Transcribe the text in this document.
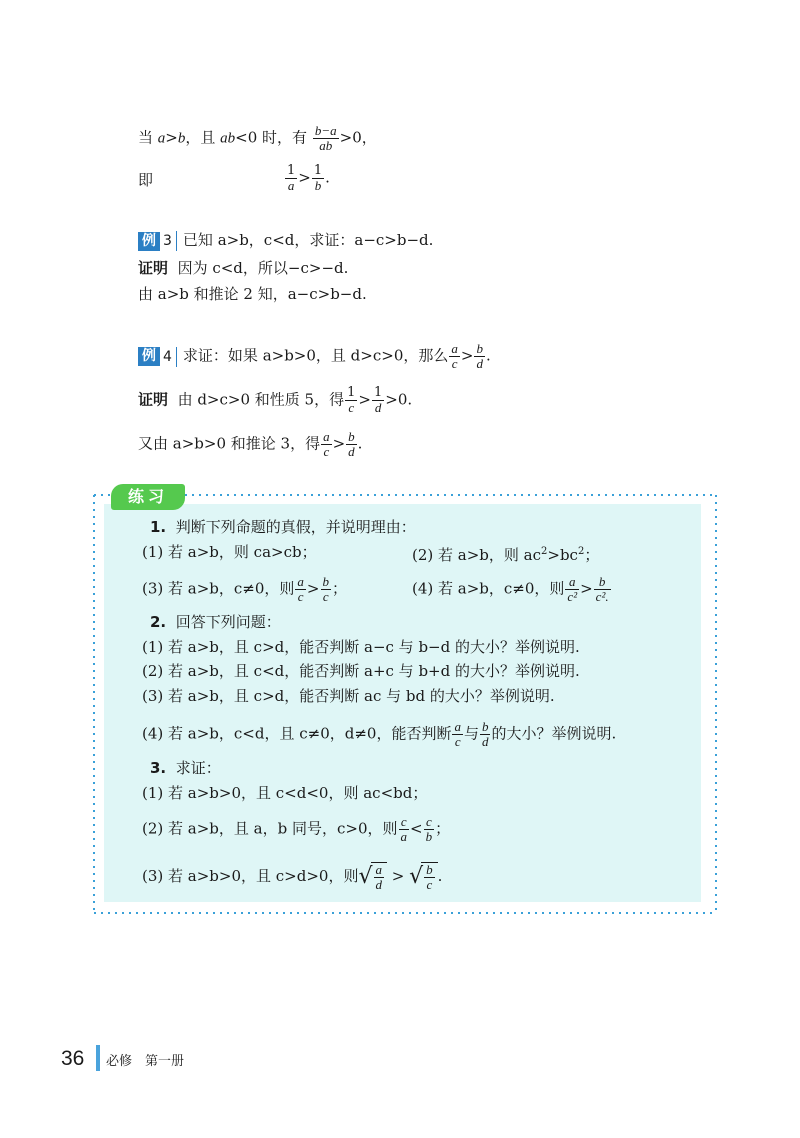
当 a>b，且 ab<0 时，有 $\frac{b-a}{ab} >0$，
即	$\frac{1}{a} > \frac{1}{b}$ .
例 3 已知 a>b，c<d，求证：a−c>b−d.
证明 因为 c<d，所以−c>−d.
由 a>b 和推论 2 知，a−c>b−d.
例 4 求证：如果 a>b>0，且 d>c>0，那么 $\frac{a}{c} > \frac{b}{d}$ .
证明 由 d>c>0 和性质 5，得 $\frac{1}{c} > \frac{1}{d} >0$.
又由 a>b>0 和推论 3，得 $\frac{a}{c} > \frac{b}{d}$ .
练习
1. 判断下列命题的真假，并说明理由：
(1) 若 a>b，则 ca>cb；	(2) 若 a>b，则 $ac^2>bc^2$；
(3) 若 a>b，c≠0，则 $\frac{a}{c} > \frac{b}{c}$ ；	(4) 若 a>b，c≠0，则 $\frac{a}{\text{c²}} > \frac{b}{\text{c².}}$
2. 回答下列问题：
(1) 若 a>b，且 c>d，能否判断 a−c 与 b−d 的大小？举例说明.
(2) 若 a>b，且 c<d，能否判断 a+c 与 b+d 的大小？举例说明.
(3) 若 a>b，且 c>d，能否判断 ac 与 bd 的大小？举例说明.
(4) 若 a>b，c<d，且 c≠0，d≠0，能否判断 $\frac{a}{c}$ 与 $\frac{b}{d}$ 的大小？举例说明.
3. 求证：
(1) 若 a>b>0，且 c<d<0，则 ac<bd；
(2) 若 a>b，且 a，b 同号，c>0，则 $\frac{c}{a} < \frac{c}{b}$ ；
(3) 若 a>b>0，且 c>d>0，则√ $\frac{a}{d}$ > √ $\frac{b}{c}$ .
36 必修　第一册
